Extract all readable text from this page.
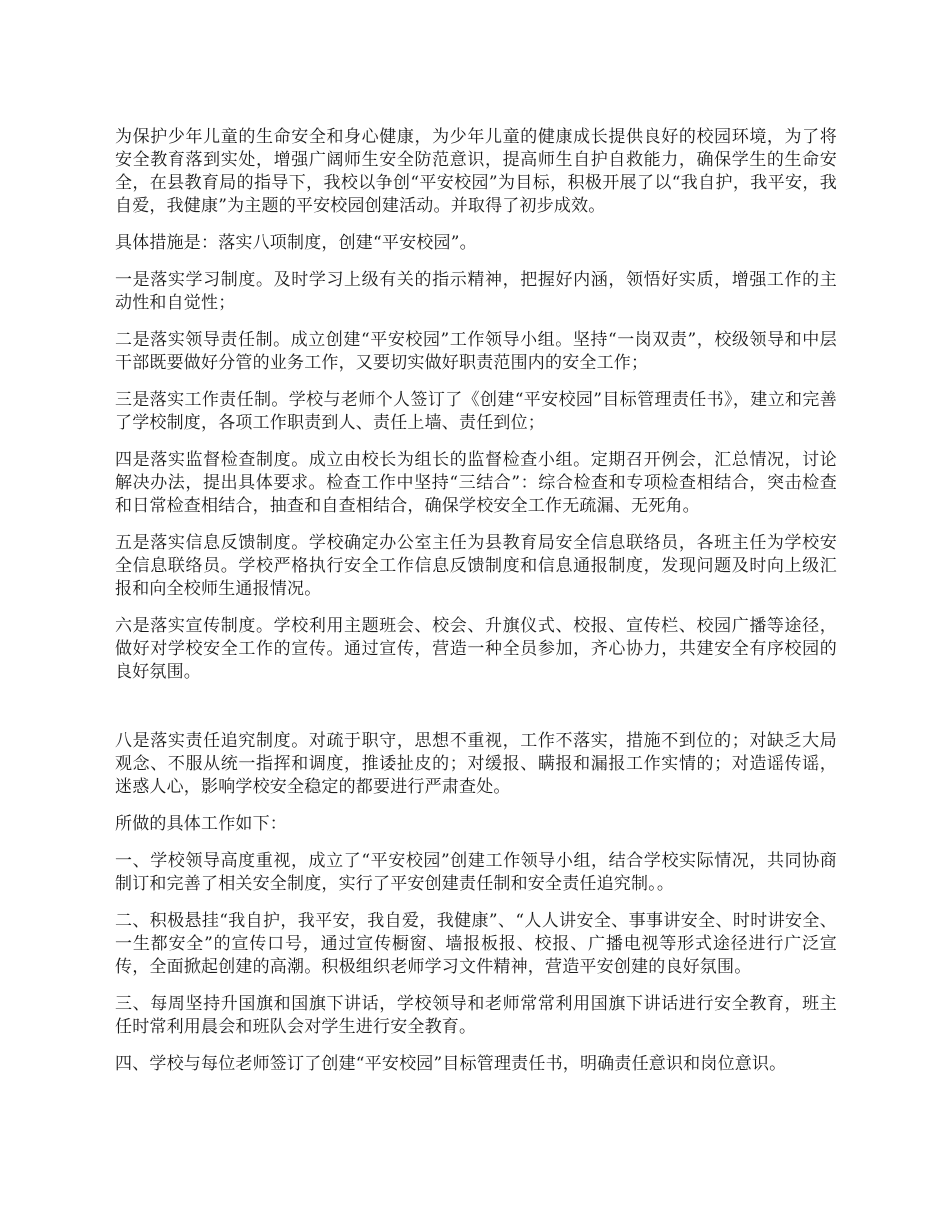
为保护少年儿童的生命安全和身心健康，为少年儿童的健康成长提供良好的校园环境，为了将安全教育落到实处，增强广阔师生安全防范意识，提高师生自护自救能力，确保学生的生命安全，在县教育局的指导下，我校以争创“平安校园”为目标，积极开展了以“我自护，我平安，我自爱，我健康”为主题的平安校园创建活动。并取得了初步成效。

具体措施是：落实八项制度，创建“平安校园”。

一是落实学习制度。及时学习上级有关的指示精神，把握好内涵，领悟好实质，增强工作的主动性和自觉性；

二是落实领导责任制。成立创建“平安校园”工作领导小组。坚持“一岗双责”，校级领导和中层干部既要做好分管的业务工作，又要切实做好职责范围内的安全工作；

三是落实工作责任制。学校与老师个人签订了《创建“平安校园”目标管理责任书》，建立和完善了学校制度，各项工作职责到人、责任上墙、责任到位；

四是落实监督检查制度。成立由校长为组长的监督检查小组。定期召开例会，汇总情况，讨论解决办法，提出具体要求。检查工作中坚持“三结合”：综合检查和专项检查相结合，突击检查和日常检查相结合，抽查和自查相结合，确保学校安全工作无疏漏、无死角。

五是落实信息反馈制度。学校确定办公室主任为县教育局安全信息联络员，各班主任为学校安全信息联络员。学校严格执行安全工作信息反馈制度和信息通报制度，发现问题及时向上级汇报和向全校师生通报情况。

六是落实宣传制度。学校利用主题班会、校会、升旗仪式、校报、宣传栏、校园广播等途径，做好对学校安全工作的宣传。通过宣传，营造一种全员参加，齐心协力，共建安全有序校园的良好氛围。

八是落实责任追究制度。对疏于职守，思想不重视，工作不落实，措施不到位的；对缺乏大局观念、不服从统一指挥和调度，推诿扯皮的；对缓报、瞒报和漏报工作实情的；对造谣传谣，迷惑人心，影响学校安全稳定的都要进行严肃查处。

所做的具体工作如下：

一、学校领导高度重视，成立了“平安校园”创建工作领导小组，结合学校实际情况，共同协商制订和完善了相关安全制度，实行了平安创建责任制和安全责任追究制。。

二、积极悬挂“我自护，我平安，我自爱，我健康”、“人人讲安全、事事讲安全、时时讲安全、一生都安全”的宣传口号，通过宣传橱窗、墙报板报、校报、广播电视等形式途径进行广泛宣传，全面掀起创建的高潮。积极组织老师学习文件精神，营造平安创建的良好氛围。

三、每周坚持升国旗和国旗下讲话，学校领导和老师常常利用国旗下讲话进行安全教育，班主任时常利用晨会和班队会对学生进行安全教育。

四、学校与每位老师签订了创建“平安校园”目标管理责任书，明确责任意识和岗位意识。
